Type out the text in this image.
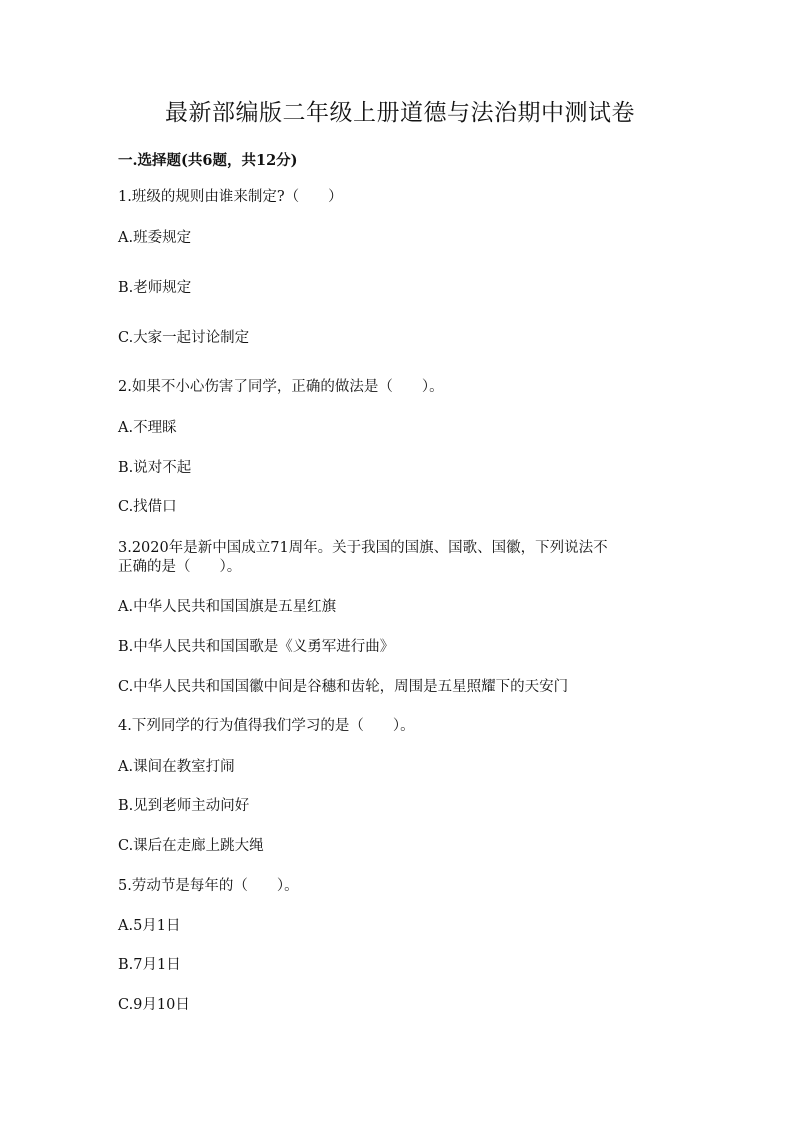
最新部编版二年级上册道德与法治期中测试卷
一.选择题(共6题，共12分)
1.班级的规则由谁来制定?（　　）
A.班委规定
B.老师规定
C.大家一起讨论制定
2.如果不小心伤害了同学，正确的做法是（　　）。
A.不理睬
B.说对不起
C.找借口
3.2020年是新中国成立71周年。关于我国的国旗、国歌、国徽，下列说法不
正确的是（　　）。
A.中华人民共和国国旗是五星红旗
B.中华人民共和国国歌是《义勇军进行曲》
C.中华人民共和国国徽中间是谷穗和齿轮，周围是五星照耀下的天安门
4.下列同学的行为值得我们学习的是（　　）。
A.课间在教室打闹
B.见到老师主动问好
C.课后在走廊上跳大绳
5.劳动节是每年的（　　）。
A.5月1日
B.7月1日
C.9月10日
